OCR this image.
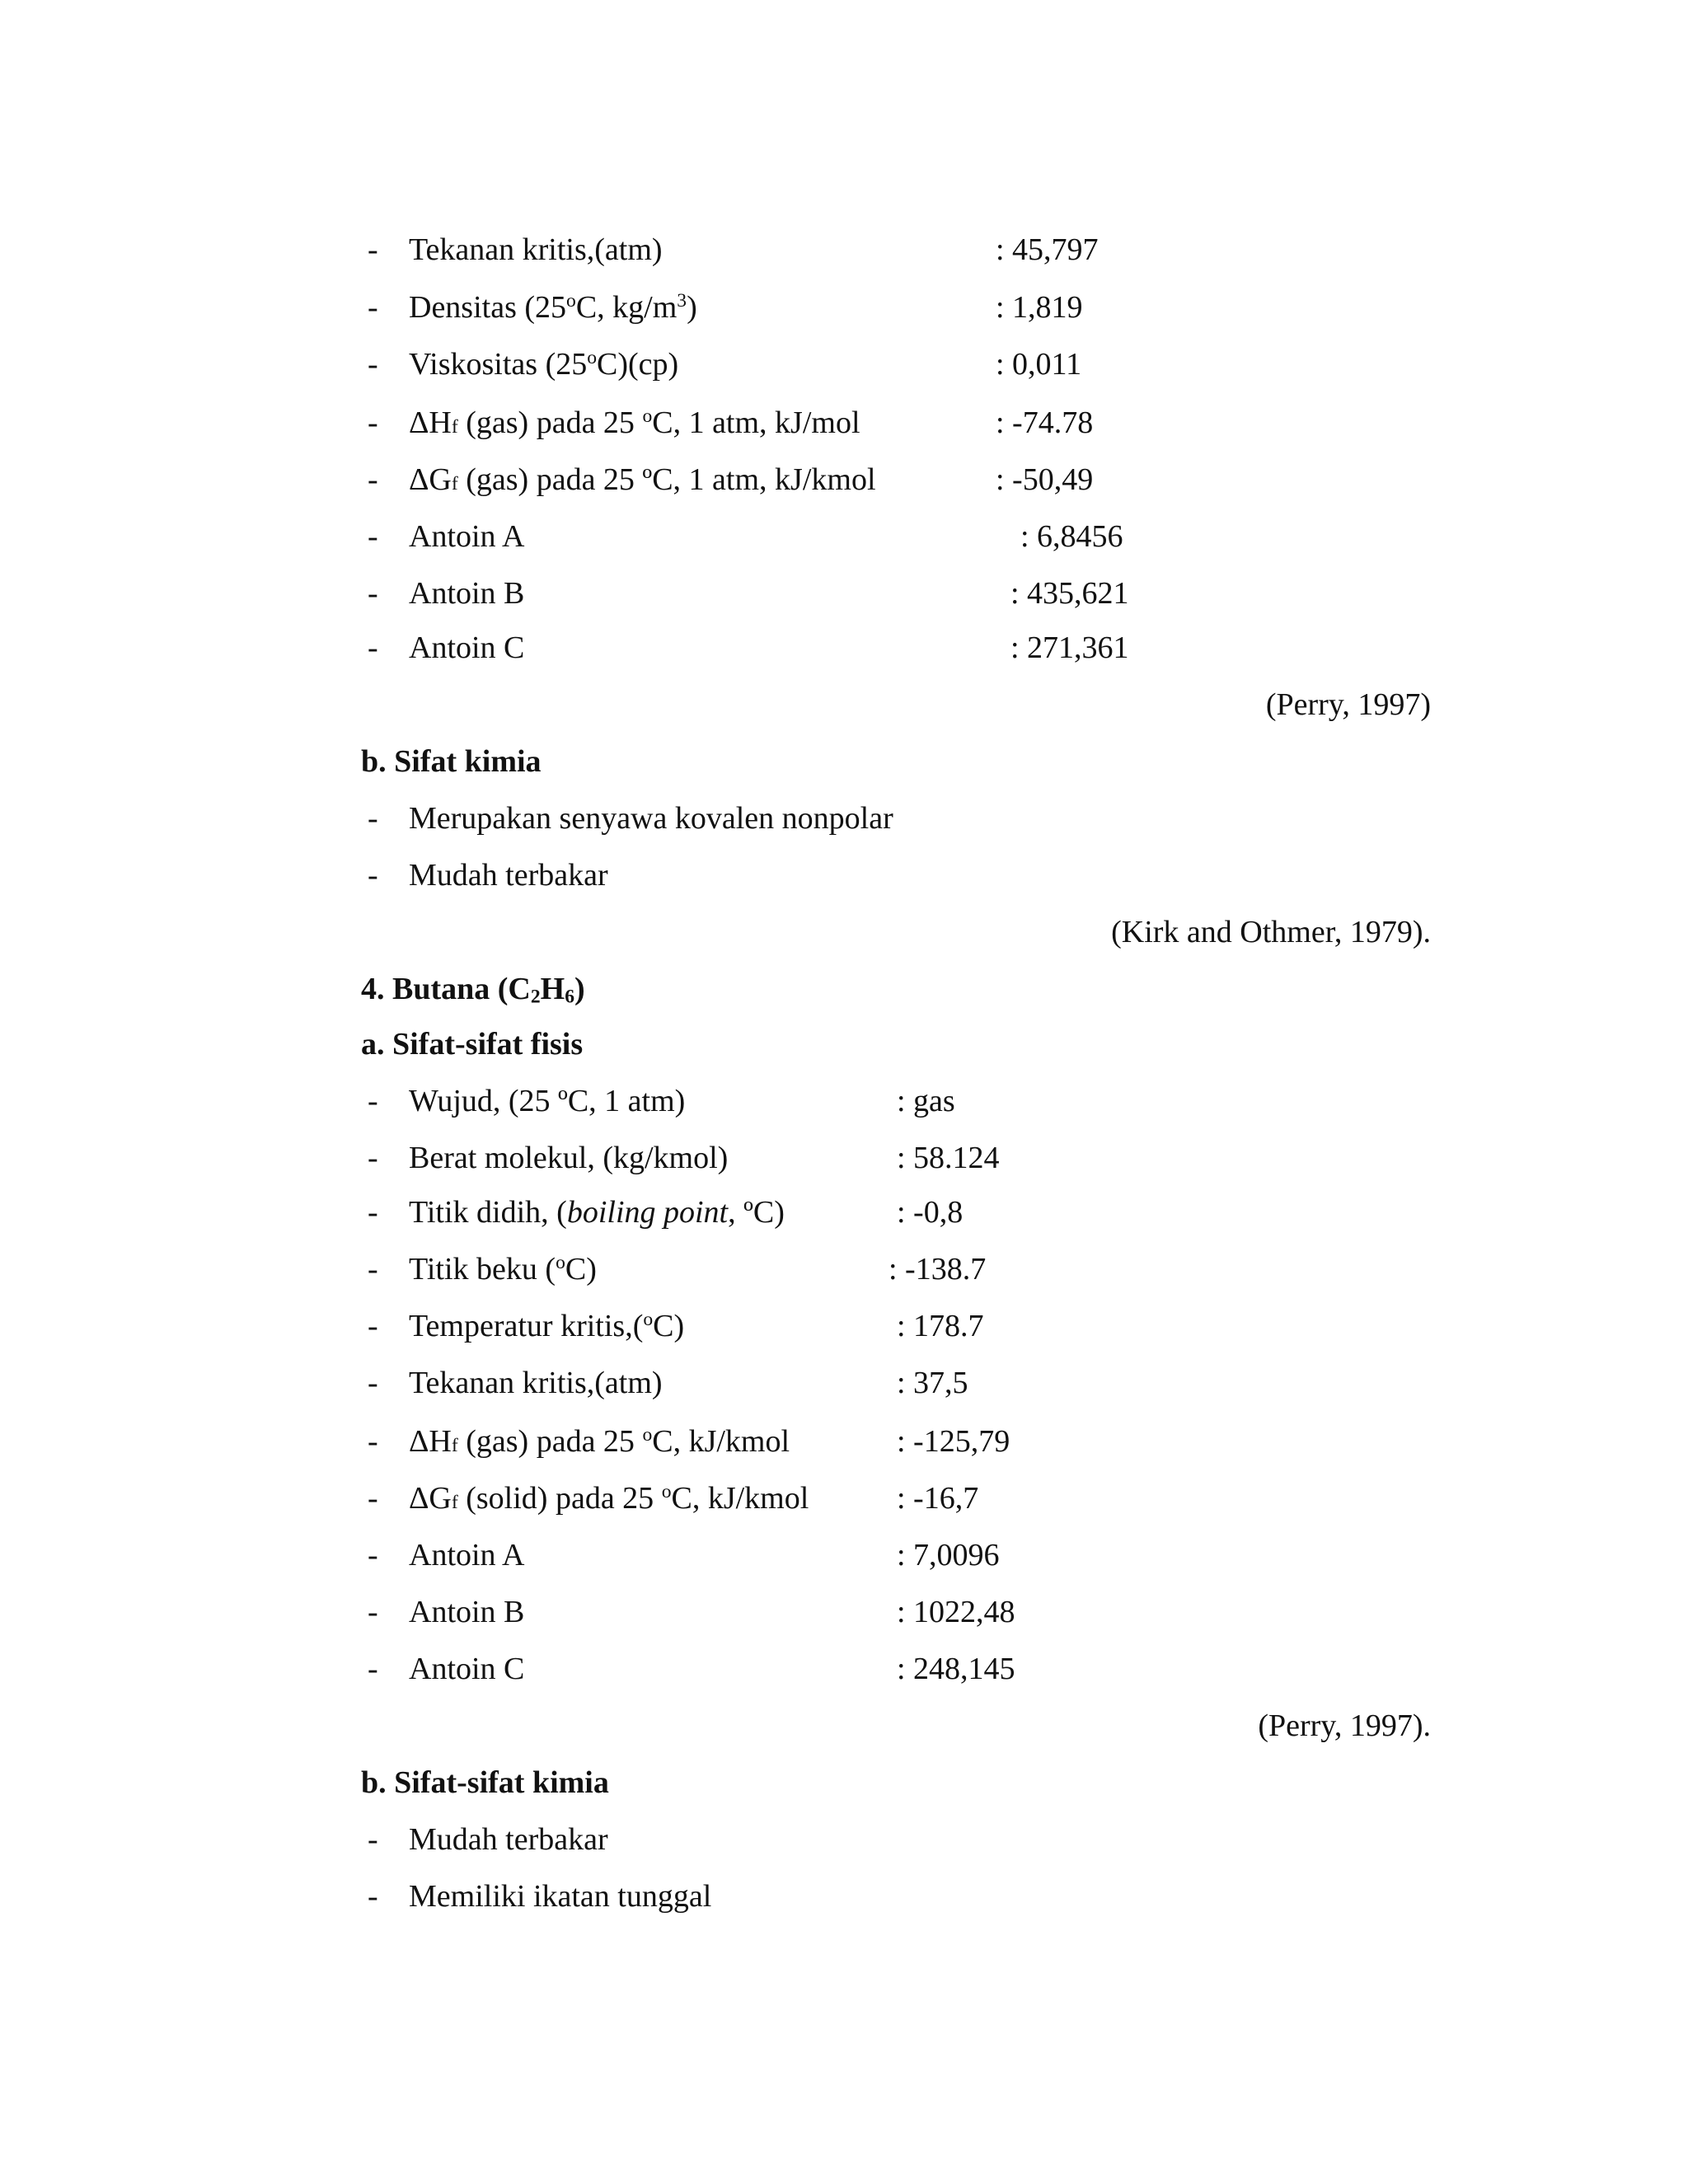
- Tekanan kritis,(atm)	: 45,797
- Densitas (25$^o$C, $kg/m^3$)	: 1,819
- Viskositas (25$^o$C)(cp)	: 0,011
- ΔHf (gas) pada 25 $^o$C, 1 atm, kJ/mol	: -74.78
- ΔGf (gas) pada 25 ºC, 1 atm, kJ/kmol	: -50,49
- Antoin A	: 6,8456
- Antoin B	: 435,621
- Antoin C	: 271,361
(Perry, 1997)
b. Sifat kimia
- Merupakan senyawa kovalen nonpolar
- Mudah terbakar
(Kirk and Othmer, 1979).
4. Butana $(C_2H_6)$
a. Sifat-sifat fisis
- Wujud, (25 ºC, 1 atm)	: gas
- Berat molekul, (kg/kmol)	: 58.124
- Titik didih, (boiling point, ºC)	: -0,8
- Titik beku ($^o$C)	: -138.7
- Temperatur kritis,($^o$C)	: 178.7
- Tekanan kritis,(atm)	: 37,5
- ΔHf (gas) pada 25 $^o$C, kJ/kmol	: -125,79
- ΔGf (solid) pada 25 $^o$C, kJ/kmol	: -16,7
- Antoin A	: 7,0096
- Antoin B	: 1022,48
- Antoin C	: 248,145
(Perry, 1997).
b. Sifat-sifat kimia
- Mudah terbakar
- Memiliki ikatan tunggal
